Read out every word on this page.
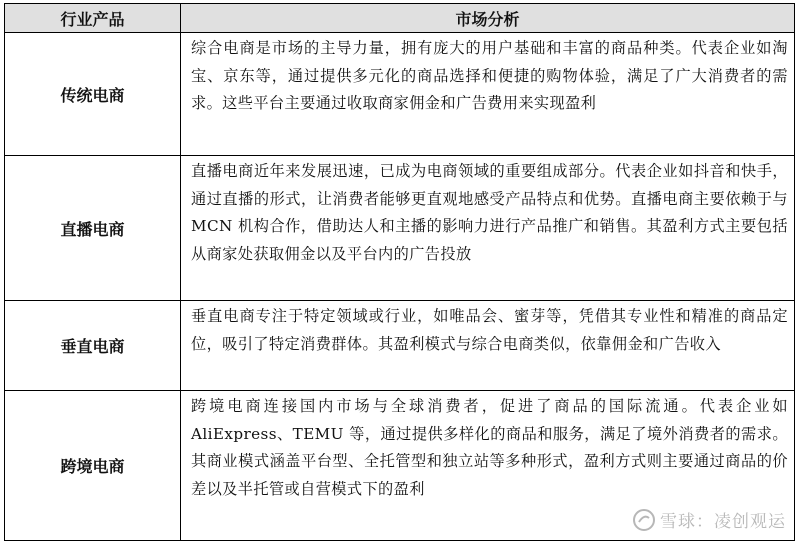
行业产品	市场分析
传统电商	综合电商是市场的主导力量，拥有庞大的用户基础和丰富的商品种类。代表企业如淘宝、京东等，通过提供多元化的商品选择和便捷的购物体验，满足了广大消费者的需求。这些平台主要通过收取商家佣金和广告费用来实现盈利
直播电商	直播电商近年来发展迅速，已成为电商领域的重要组成部分。代表企业如抖音和快手，通过直播的形式，让消费者能够更直观地感受产品特点和优势。直播电商主要依赖于与 MCN 机构合作，借助达人和主播的影响力进行产品推广和销售。其盈利方式主要包括从商家处获取佣金以及平台内的广告投放
垂直电商	垂直电商专注于特定领域或行业，如唯品会、蜜芽等，凭借其专业性和精准的商品定位，吸引了特定消费群体。其盈利模式与综合电商类似，依靠佣金和广告收入
跨境电商	跨境电商连接国内市场与全球消费者，促进了商品的国际流通。代表企业如 AliExpress、TEMU 等，通过提供多样化的商品和服务，满足了境外消费者的需求。其商业模式涵盖平台型、全托管型和独立站等多种形式，盈利方式则主要通过商品的价差以及半托管或自营模式下的盈利
雪球：凌创观运
